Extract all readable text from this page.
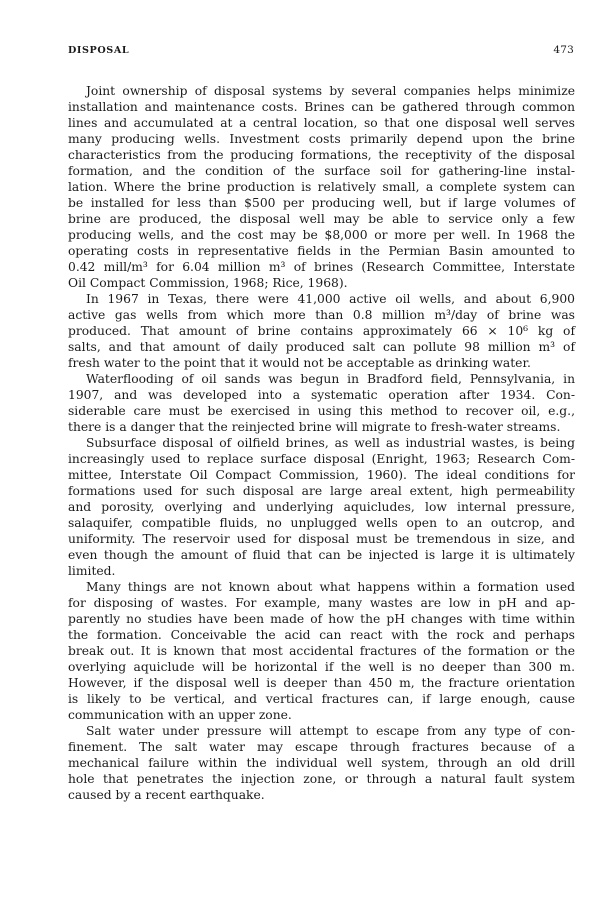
DISPOSAL	473
Joint ownership of disposal systems by several companies helps minimize
installation and maintenance costs. Brines can be gathered through common
lines and accumulated at a central location, so that one disposal well serves
many producing wells. Investment costs primarily depend upon the brine
characteristics from the producing formations, the receptivity of the disposal
formation, and the condition of the surface soil for gathering-line instal-
lation. Where the brine production is relatively small, a complete system can
be installed for less than $500 per producing well, but if large volumes of
brine are produced, the disposal well may be able to service only a few
producing wells, and the cost may be $8,000 or more per well. In 1968 the
operating costs in representative fields in the Permian Basin amounted to
0.42 mill/m³ for 6.04 million m³ of brines (Research Committee, Interstate
Oil Compact Commission, 1968; Rice, 1968).
In 1967 in Texas, there were 41,000 active oil wells, and about 6,900
active gas wells from which more than 0.8 million m³/day of brine was
produced. That amount of brine contains approximately 66 × 10⁶ kg of
salts, and that amount of daily produced salt can pollute 98 million m³ of
fresh water to the point that it would not be acceptable as drinking water.
Waterflooding of oil sands was begun in Bradford field, Pennsylvania, in
1907, and was developed into a systematic operation after 1934. Con-
siderable care must be exercised in using this method to recover oil, e.g.,
there is a danger that the reinjected brine will migrate to fresh-water streams.
Subsurface disposal of oilfield brines, as well as industrial wastes, is being
increasingly used to replace surface disposal (Enright, 1963; Research Com-
mittee, Interstate Oil Compact Commission, 1960). The ideal conditions for
formations used for such disposal are large areal extent, high permeability
and porosity, overlying and underlying aquicludes, low internal pressure,
salaquifer, compatible fluids, no unplugged wells open to an outcrop, and
uniformity. The reservoir used for disposal must be tremendous in size, and
even though the amount of fluid that can be injected is large it is ultimately
limited.
Many things are not known about what happens within a formation used
for disposing of wastes. For example, many wastes are low in pH and ap-
parently no studies have been made of how the pH changes with time within
the formation. Conceivable the acid can react with the rock and perhaps
break out. It is known that most accidental fractures of the formation or the
overlying aquiclude will be horizontal if the well is no deeper than 300 m.
However, if the disposal well is deeper than 450 m, the fracture orientation
is likely to be vertical, and vertical fractures can, if large enough, cause
communication with an upper zone.
Salt water under pressure will attempt to escape from any type of con-
finement. The salt water may escape through fractures because of a
mechanical failure within the individual well system, through an old drill
hole that penetrates the injection zone, or through a natural fault system
caused by a recent earthquake.
